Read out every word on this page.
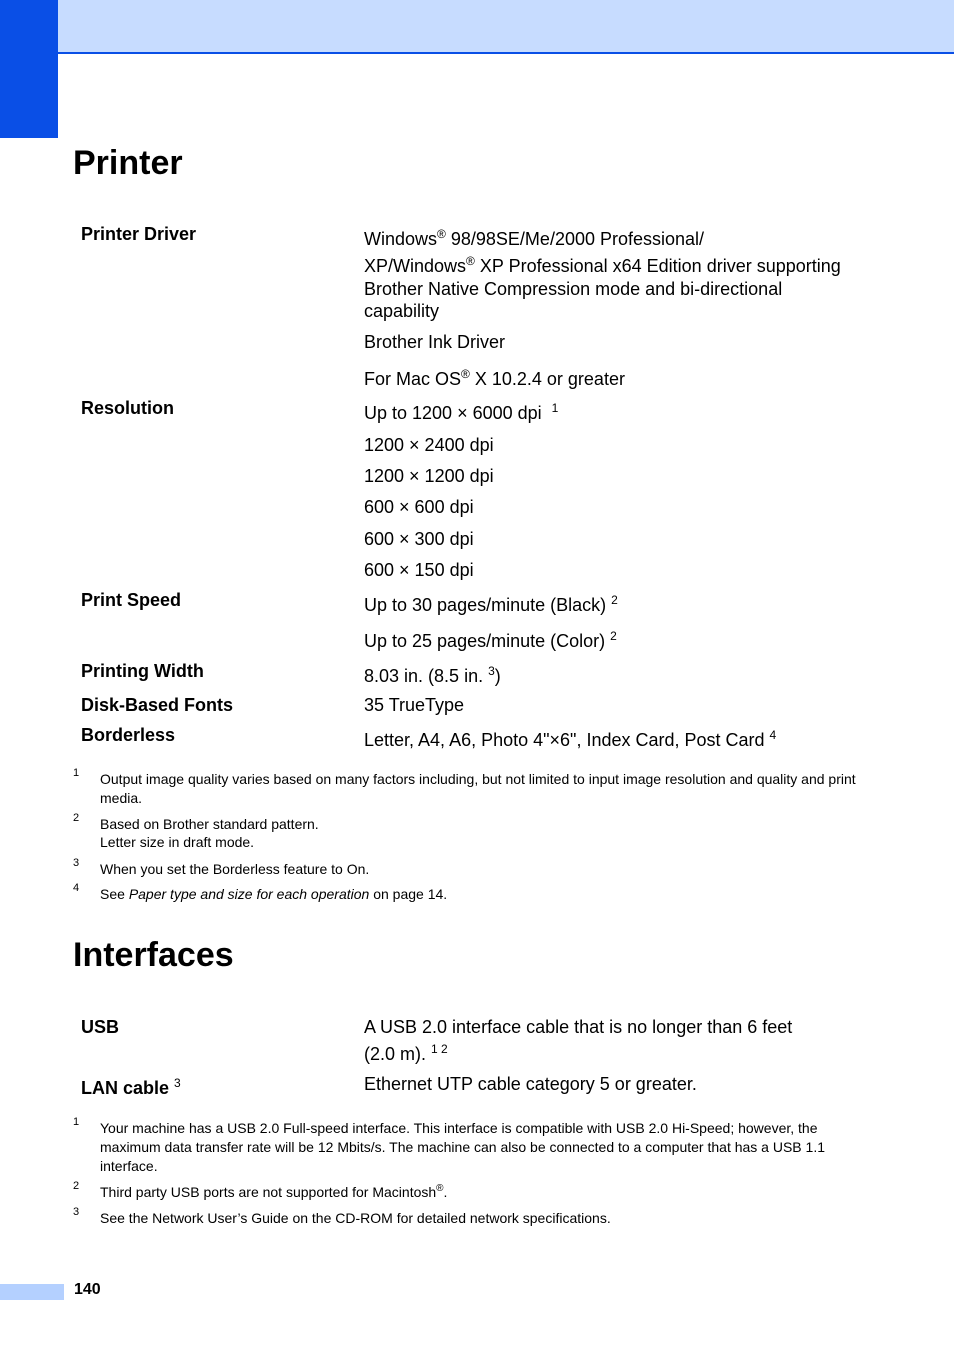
Printer
Printer Driver	Windows® 98/98SE/Me/2000 Professional/
XP/Windows® XP Professional x64 Edition driver supporting
Brother Native Compression mode and bi-directional
capability
Brother Ink Driver
For Mac OS® X 10.2.4 or greater
Resolution	Up to 1200 × 6000 dpi $^1$
1200 × 2400 dpi
1200 × 1200 dpi
600 × 600 dpi
600 × 300 dpi
600 × 150 dpi
Print Speed	Up to 30 pages/minute (Black) $^2$
Up to 25 pages/minute (Color) $^2$
Printing Width	8.03 in. (8.5 in. $^3$)
Disk-Based Fonts	35 TrueType
Borderless	Letter, A4, A6, Photo 4"×6", Index Card, Post Card $^4$
1 Output image quality varies based on many factors including, but not limited to input image resolution and quality and print media.
2 Based on Brother standard pattern.
Letter size in draft mode.
3 When you set the Borderless feature to On.
4 See Paper type and size for each operation on page 14.
Interfaces
USB	A USB 2.0 interface cable that is no longer than 6 feet
(2.0 m). $^{1 2}$
LAN cable $^3$	Ethernet UTP cable category 5 or greater.
1 Your machine has a USB 2.0 Full-speed interface. This interface is compatible with USB 2.0 Hi-Speed; however, the maximum data transfer rate will be 12 Mbits/s. The machine can also be connected to a computer that has a USB 1.1 interface.
2 Third party USB ports are not supported for Macintosh®.
3 See the Network User’s Guide on the CD-ROM for detailed network specifications.
140
